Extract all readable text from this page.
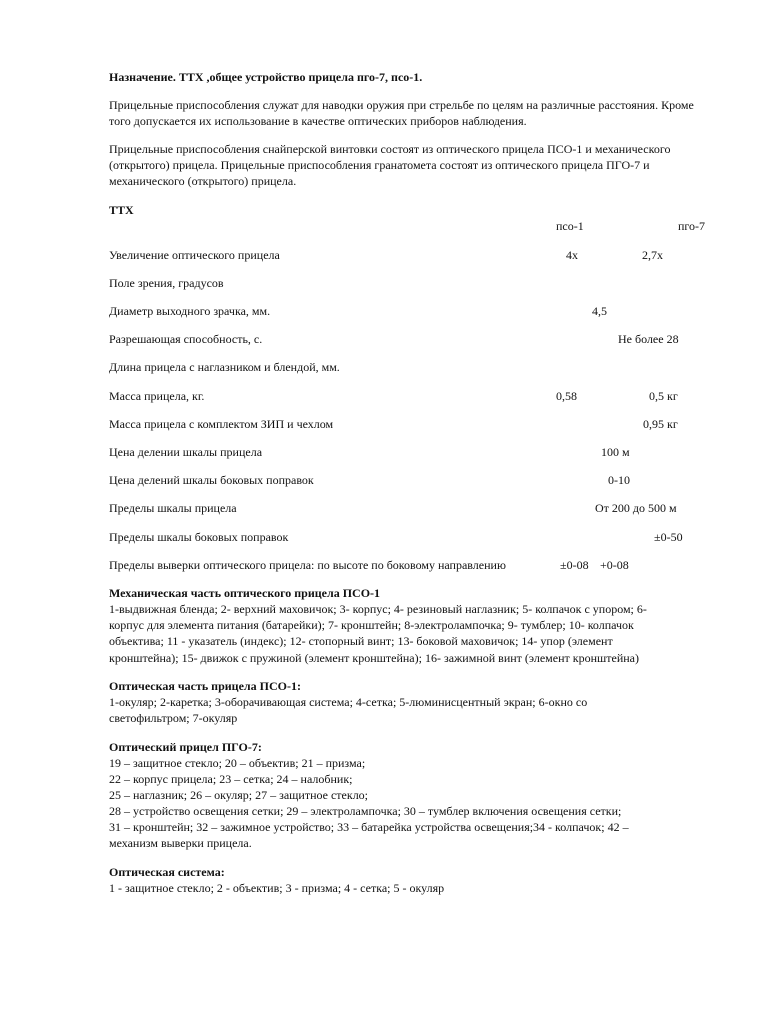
Назначение. ТТХ ,общее устройство прицела пго-7, псо-1.
Прицельные приспособления служат для наводки оружия при стрельбе по целям на различные расстояния. Кроме того допускается их использование в качестве оптических приборов наблюдения.
Прицельные приспособления снайперской винтовки состоят из оптического прицела ПСО-1 и механического (открытого) прицела. Прицельные приспособления гранатомета состоят из оптического прицела ПГО-7 и механического (открытого) прицела.
ТТХ
псо-1	пго-7
Увеличение оптического прицела	4х	2,7х
Поле зрения, градусов
Диаметр выходного зрачка, мм.	4,5
Разрешающая способность, с.	Не более 28
Длина прицела с наглазником и блендой, мм.
Масса прицела, кг.	0,58	0,5 кг
Масса прицела с комплектом ЗИП и чехлом	0,95 кг
Цена делении шкалы прицела	100 м
Цена делений шкалы боковых поправок	0-10
Пределы шкалы прицела	От 200 до 500 м
Пределы шкалы боковых поправок	±0-50
Пределы выверки оптического прицела: по высоте по боковому направлению	±0-08 +0-08
Механическая часть оптического прицела ПСО-1
1-выдвижная бленда; 2- верхний маховичок; 3- корпус; 4- резиновый наглазник; 5- колпачок с упором; 6-
корпус для элемента питания (батарейки); 7- кронштейн; 8-электролампочка; 9- тумблер; 10- колпачок
объектива; 11 - указатель (индекс); 12- стопорный винт; 13- боковой маховичок; 14- упор (элемент
кронштейна); 15- движок с пружиной (элемент кронштейна); 16- зажимной винт (элемент кронштейна)
Оптическая часть прицела ПСО-1:
1-окуляр; 2-каретка; 3-оборачивающая система; 4-сетка; 5-люминисцентный экран; 6-окно со
светофильтром; 7-окуляр
Оптический прицел ПГО-7:
19 – защитное стекло; 20 – объектив; 21 – призма;
22 – корпус прицела; 23 – сетка; 24 – налобник;
25 – наглазник; 26 – окуляр; 27 – защитное стекло;
28 – устройство освещения сетки; 29 – электролампочка; 30 – тумблер включения освещения сетки;
31 – кронштейн; 32 – зажимное устройство; 33 – батарейка устройства освещения;34 - колпачок; 42 –
механизм выверки прицела.
Оптическая система:
1 - защитное стекло; 2 - объектив; 3 - призма; 4 - сетка; 5 - окуляр
